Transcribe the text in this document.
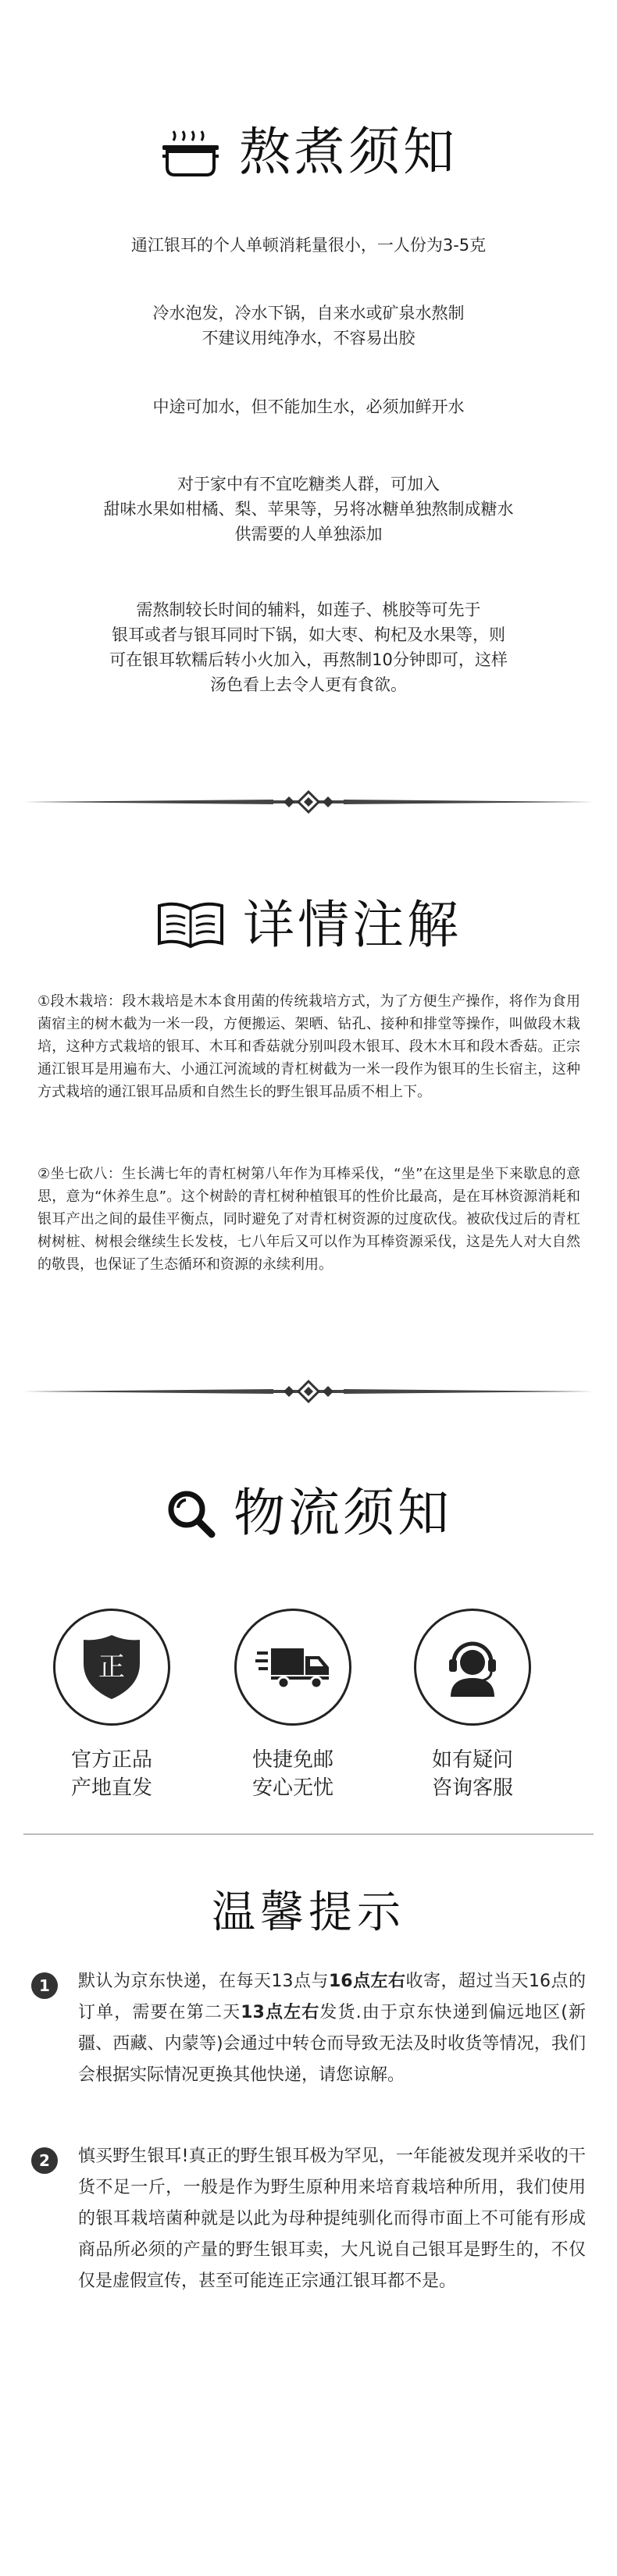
熬煮须知
通江银耳的个人单顿消耗量很小，一人份为3-5克
冷水泡发，冷水下锅，自来水或矿泉水熬制
不建议用纯净水，不容易出胶
中途可加水，但不能加生水，必须加鲜开水
对于家中有不宜吃糖类人群，可加入
甜味水果如柑橘、梨、苹果等，另将冰糖单独熬制成糖水
供需要的人单独添加
需熬制较长时间的辅料，如莲子、桃胶等可先于
银耳或者与银耳同时下锅，如大枣、枸杞及水果等，则
可在银耳软糯后转小火加入，再熬制10分钟即可，这样
汤色看上去令人更有食欲。
详情注解
①段木栽培：段木栽培是木本食用菌的传统栽培方式，为了方便生产操作，将作为食用菌宿主的树木截为一米一段，方便搬运、架晒、钻孔、接种和排堂等操作，叫做段木栽培，这种方式栽培的银耳、木耳和香菇就分别叫段木银耳、段木木耳和段木香菇。正宗通江银耳是用遍布大、小通江河流域的青杠树截为一米一段作为银耳的生长宿主，这种方式栽培的通江银耳品质和自然生长的野生银耳品质不相上下。
②坐七砍八：生长满七年的青杠树第八年作为耳棒采伐，“坐”在这里是坐下来歇息的意思，意为“休养生息”。这个树龄的青杠树种植银耳的性价比最高，是在耳林资源消耗和银耳产出之间的最佳平衡点，同时避免了对青杠树资源的过度砍伐。被砍伐过后的青杠树树桩、树根会继续生长发枝，七八年后又可以作为耳棒资源采伐，这是先人对大自然的敬畏，也保证了生态循环和资源的永续利用。
物流须知
正
官方正品
产地直发
快捷免邮
安心无忧
如有疑问
咨询客服
温馨提示
1	默认为京东快递，在每天13点与16点左右收寄，超过当天16点的订单，需要在第二天13点左右发货.由于京东快递到偏远地区(新疆、西藏、内蒙等)会通过中转仓而导致无法及时收货等情况，我们会根据实际情况更换其他快递，请您谅解。
2	慎买野生银耳!真正的野生银耳极为罕见，一年能被发现并采收的干货不足一斤，一般是作为野生原种用来培育栽培种所用，我们使用的银耳栽培菌种就是以此为母种提纯驯化而得市面上不可能有形成商品所必须的产量的野生银耳卖，大凡说自己银耳是野生的，不仅仅是虚假宣传，甚至可能连正宗通江银耳都不是。
